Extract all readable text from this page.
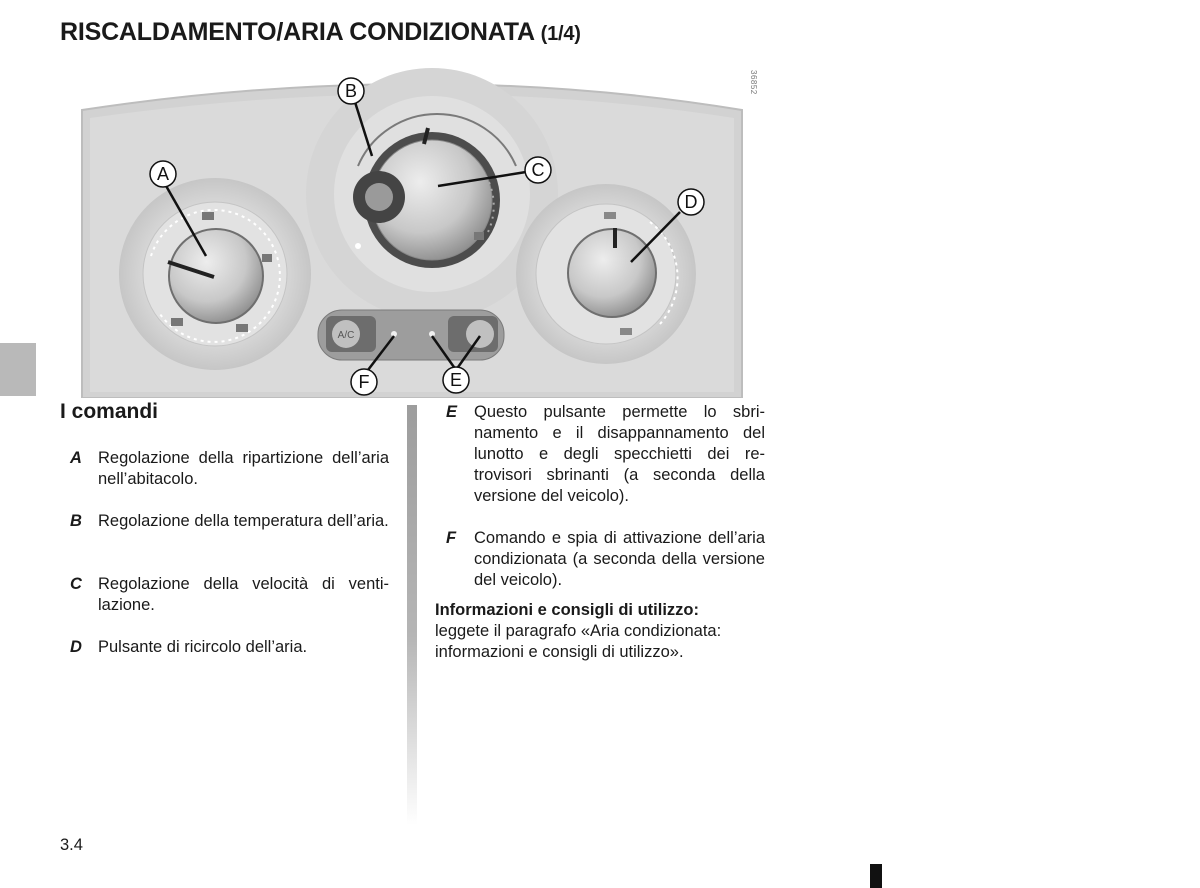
RISCALDAMENTO/ARIA CONDIZIONATA (1/4)
A/C
A
B
C
D
E
F
36852
I comandi
A Regolazione della ripartizione dell’aria nell’abitacolo.
B Regolazione della temperatura dell’aria.
C Regolazione della velocità di venti-lazione.
D Pulsante di ricircolo dell’aria.
E Questo pulsante permette lo sbri-namento e il disappannamento del lunotto e degli specchietti dei re-trovisori sbrinanti (a seconda della versione del veicolo).
F Comando e spia di attivazione dell’aria condizionata (a seconda della versione del veicolo).
Informazioni e consigli di utilizzo:
leggete il paragrafo «Aria condizionata: informazioni e consigli di utilizzo».
3.4
